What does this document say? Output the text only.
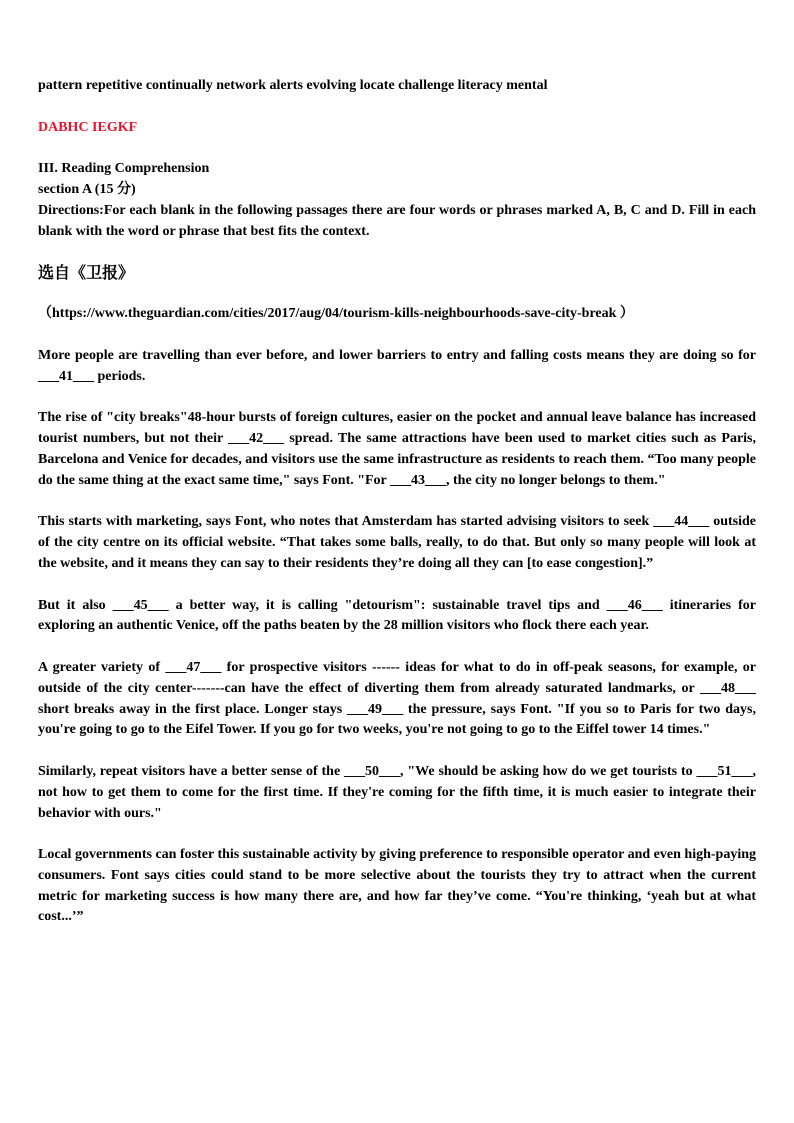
pattern repetitive continually network alerts evolving locate challenge literacy mental

DABHC IEGKF

III. Reading Comprehension

section A (15 分)

Directions:For each blank in the following passages there are four words or phrases marked A, B, C and D. Fill in each blank with the word or phrase that best fits the context.

选自《卫报》

（https://www.theguardian.com/cities/2017/aug/04/tourism-kills-neighbourhoods-save-city-break ）

More people are travelling than ever before, and lower barriers to entry and falling costs means they are doing so for ___41___ periods.

The rise of "city breaks"48-hour bursts of foreign cultures, easier on the pocket and annual leave balance has increased tourist numbers, but not their ___42___ spread. The same attractions have been used to market cities such as Paris, Barcelona and Venice for decades, and visitors use the same infrastructure as residents to reach them. “Too many people do the same thing at the exact same time," says Font. "For ___43___, the city no longer belongs to them."

This starts with marketing, says Font, who notes that Amsterdam has started advising visitors to seek ___44___ outside of the city centre on its official website. “That takes some balls, really, to do that. But only so many people will look at the website, and it means they can say to their residents they’re doing all they can [to ease congestion].”

But it also ___45___ a better way, it is calling "detourism": sustainable travel tips and ___46___ itineraries for exploring an authentic Venice, off the paths beaten by the 28 million visitors who flock there each year.

A greater variety of ___47___ for prospective visitors ------ ideas for what to do in off-peak seasons, for example, or outside of the city center-------can have the effect of diverting them from already saturated landmarks, or ___48___ short breaks away in the first place. Longer stays ___49___ the pressure, says Font. "If you so to Paris for two days, you're going to go to the Eifel Tower. If you go for two weeks, you're not going to go to the Eiffel tower 14 times."

Similarly, repeat visitors have a better sense of the ___50___, "We should be asking how do we get tourists to ___51___, not how to get them to come for the first time. If they're coming for the fifth time, it is much easier to integrate their behavior with ours."

Local governments can foster this sustainable activity by giving preference to responsible operator and even high-paying consumers. Font says cities could stand to be more selective about the tourists they try to attract when the current metric for marketing success is how many there are, and how far they’ve come. “You're thinking, ‘yeah but at what cost...’”
